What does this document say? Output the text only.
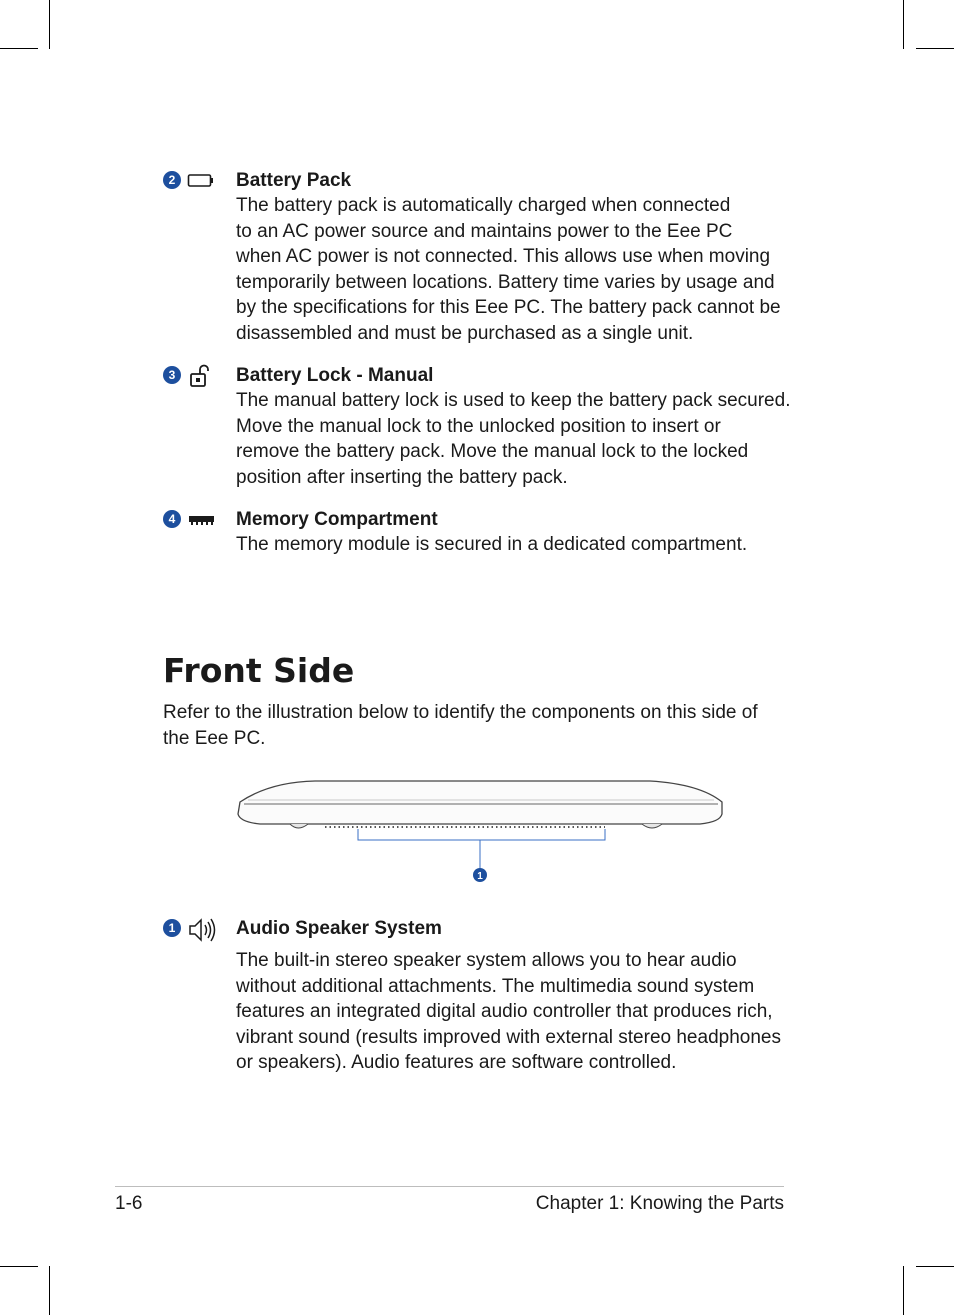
2	Battery Pack

The battery pack is automatically charged when connected

to an AC power source and maintains power to the Eee PC

when AC power is not connected. This allows use when moving

temporarily between locations. Battery time varies by usage and

by the specifications for this Eee PC. The battery pack cannot be

disassembled and must be purchased as a single unit.

3	Battery Lock - Manual

The manual battery lock is used to keep the battery pack secured.

Move the manual lock to the unlocked position to insert or

remove the battery pack. Move the manual lock to the locked

position after inserting the battery pack.

4	Memory Compartment

The memory module is secured in a dedicated compartment.

Front Side

Refer to the illustration below to identify the components on this side of

the Eee PC.

1
1	Audio Speaker System

The built-in stereo speaker system allows you to hear audio

without additional attachments. The multimedia sound system

features an integrated digital audio controller that produces rich,

vibrant sound (results improved with external stereo headphones

or speakers). Audio features are software controlled.

1-6	Chapter 1: Knowing the Parts
